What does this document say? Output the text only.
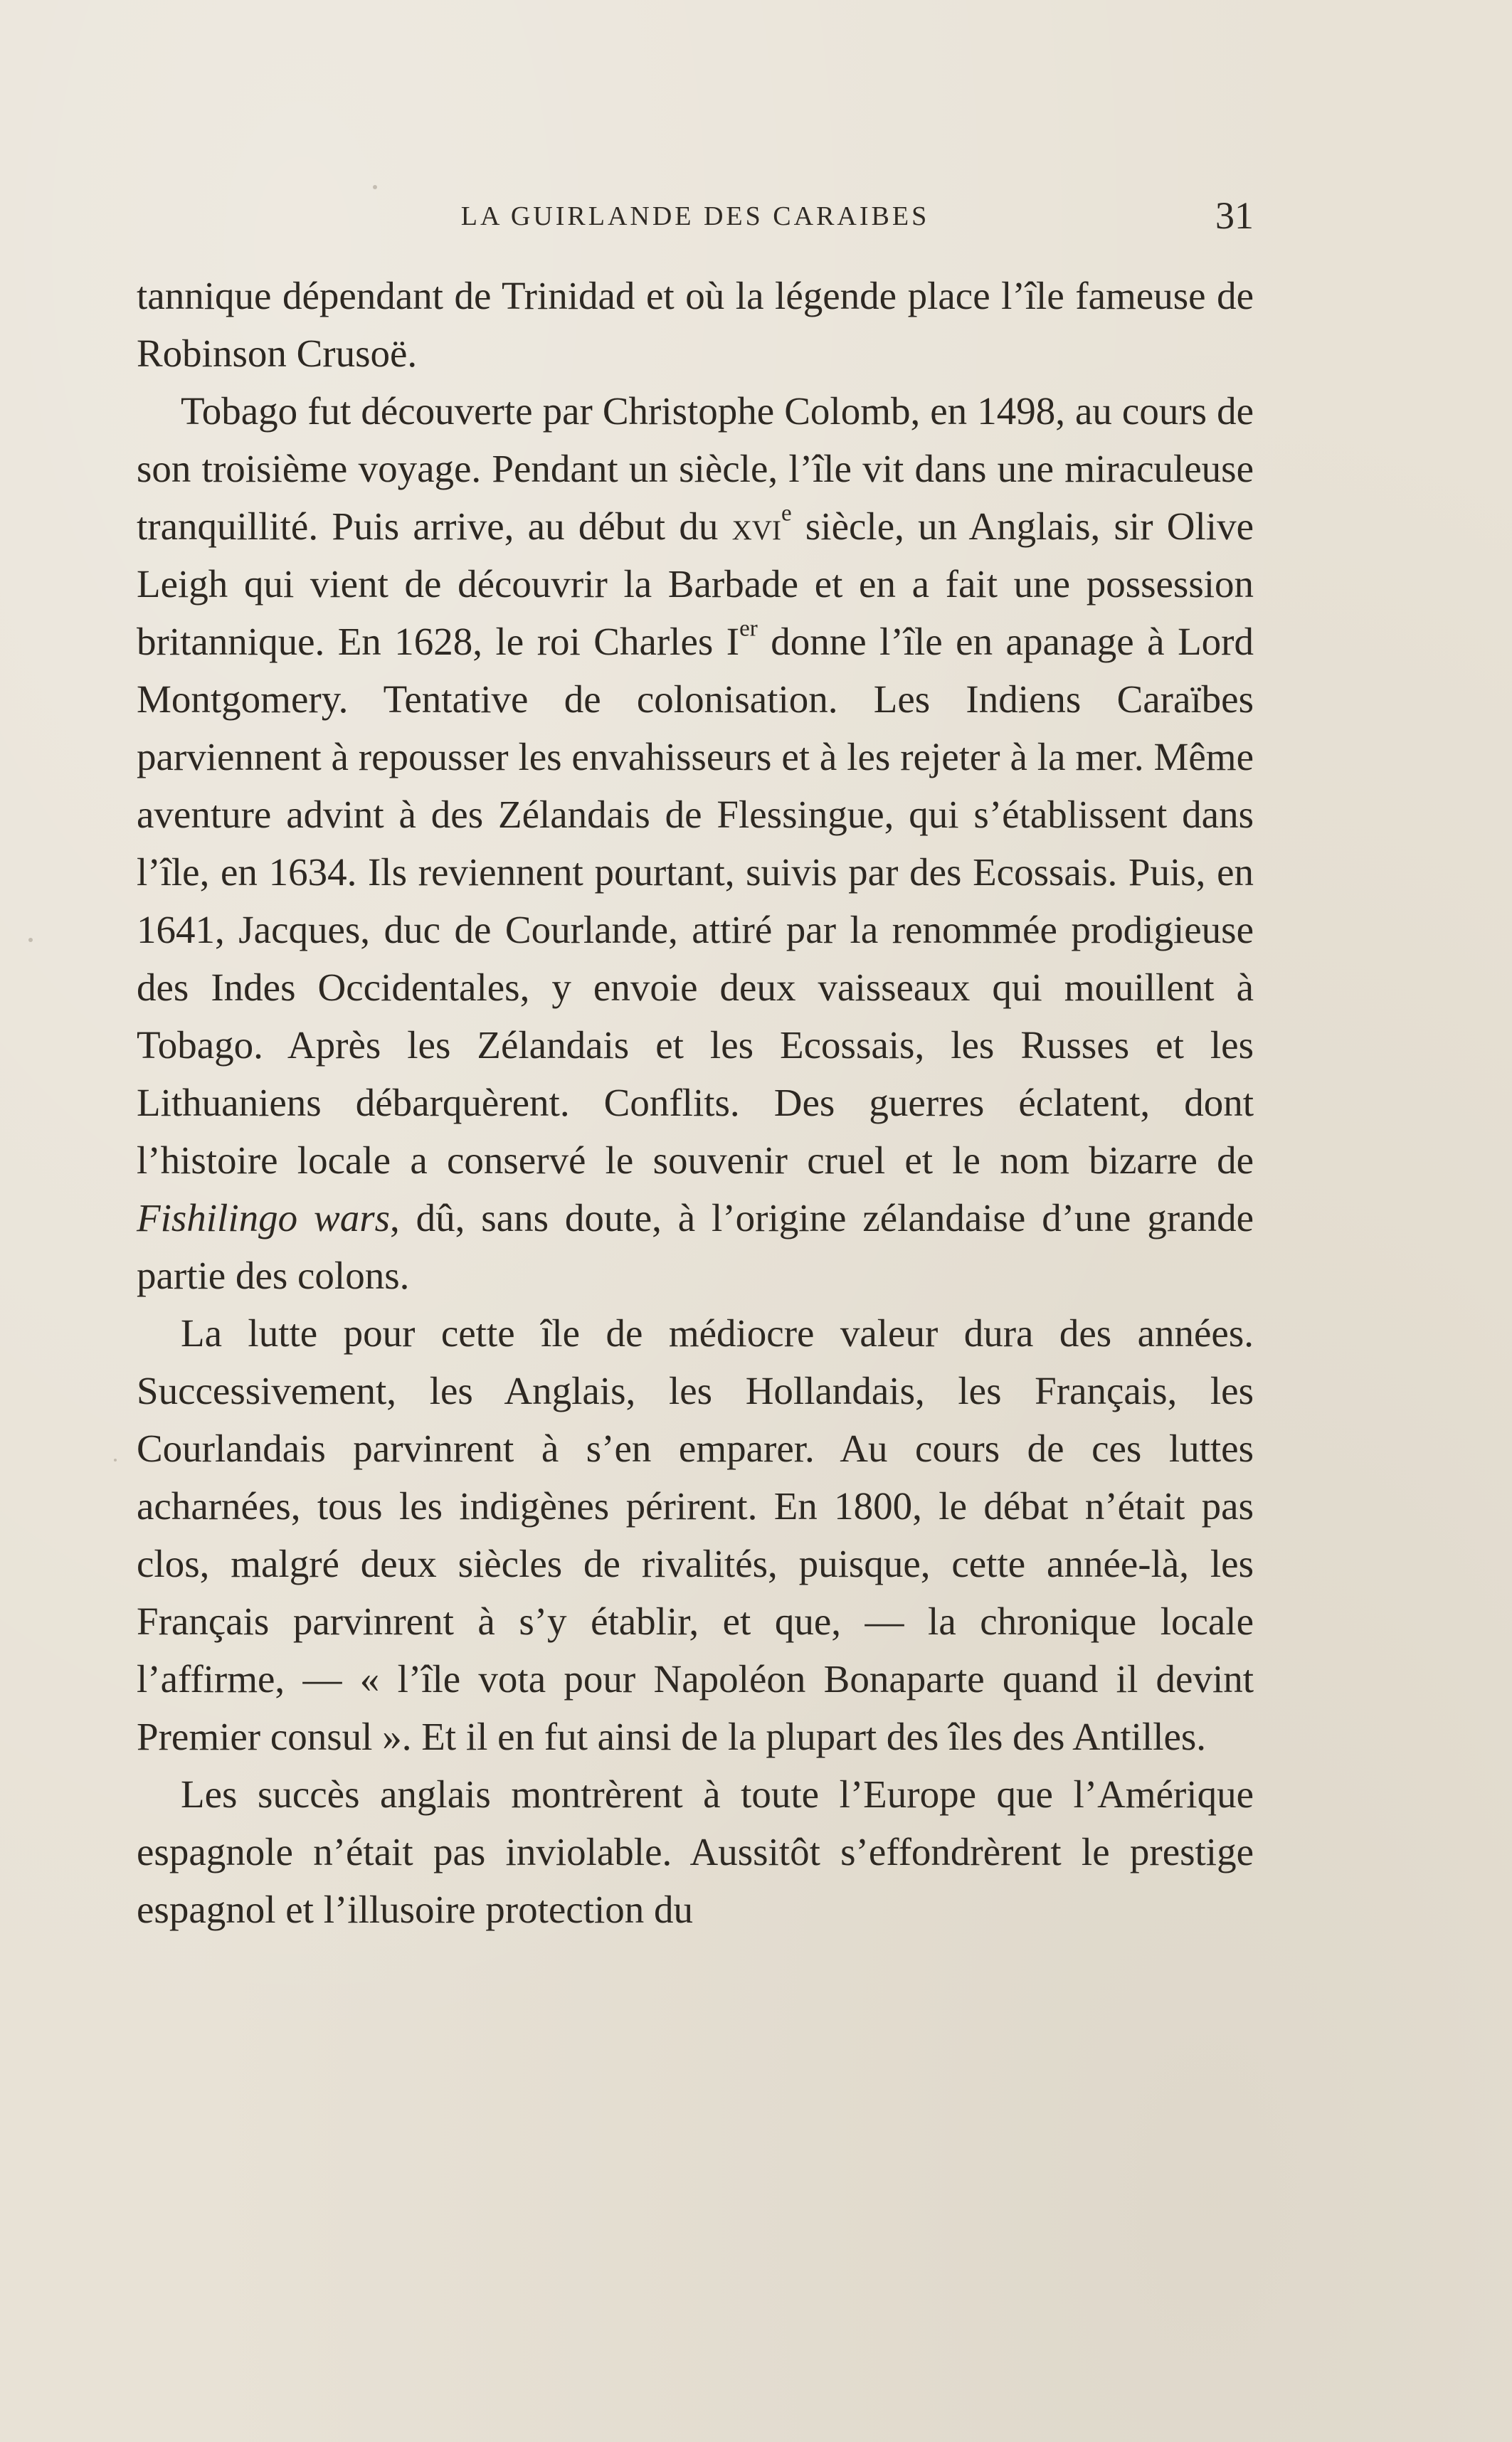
LA GUIRLANDE DES CARAIBES	31

tannique dépendant de Trinidad et où la légende place l’île fameuse de Robinson Crusoë.

Tobago fut découverte par Christophe Colomb, en 1498, au cours de son troisième voyage. Pendant un siècle, l’île vit dans une miraculeuse tranquillité. Puis arrive, au début du xvi$^e$ siècle, un Anglais, sir Olive Leigh qui vient de découvrir la Barbade et en a fait une possession britannique. En 1628, le roi Charles Ier donne l’île en apanage à Lord Montgomery. Tentative de colonisation. Les Indiens Caraïbes parviennent à repousser les envahisseurs et à les rejeter à la mer. Même aventure advint à des Zélandais de Flessingue, qui s’établissent dans l’île, en 1634. Ils reviennent pourtant, suivis par des Ecossais. Puis, en 1641, Jacques, duc de Courlande, attiré par la renommée prodigieuse des Indes Occidentales, y envoie deux vaisseaux qui mouillent à Tobago. Après les Zélandais et les Ecossais, les Russes et les Lithuaniens débarquèrent. Conflits. Des guerres éclatent, dont l’histoire locale a conservé le souvenir cruel et le nom bizarre de Fishilingo wars, dû, sans doute, à l’origine zélandaise d’une grande partie des colons.

La lutte pour cette île de médiocre valeur dura des années. Successivement, les Anglais, les Hollandais, les Français, les Courlandais parvinrent à s’en emparer. Au cours de ces luttes acharnées, tous les indigènes périrent. En 1800, le débat n’était pas clos, malgré deux siècles de rivalités, puisque, cette année-là, les Français parvinrent à s’y établir, et que, — la chronique locale l’affirme, — « l’île vota pour Napoléon Bonaparte quand il devint Premier consul ». Et il en fut ainsi de la plupart des îles des Antilles.

Les succès anglais montrèrent à toute l’Europe que l’Amérique espagnole n’était pas inviolable. Aussitôt s’effondrèrent le prestige espagnol et l’illusoire protection du
